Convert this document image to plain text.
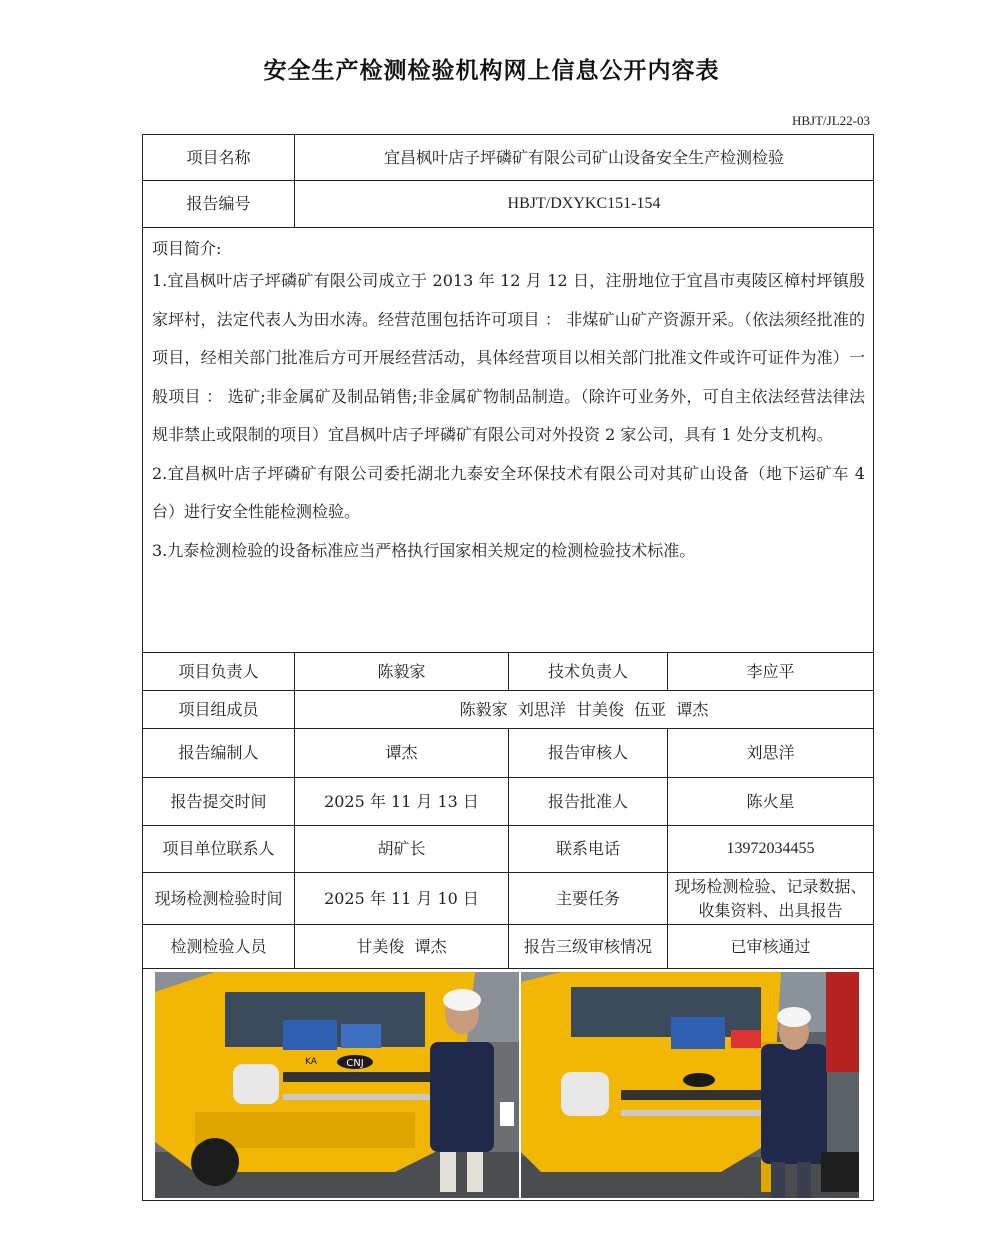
安全生产检测检验机构网上信息公开内容表
HBJT/JL22-03
项目名称	宜昌枫叶店子坪磷矿有限公司矿山设备安全生产检测检验		
报告编号	HBJT/DXYKC151-154		

项目简介:

1.宜昌枫叶店子坪磷矿有限公司成立于 2013 年 12 月 12 日，注册地位于宜昌市夷陵区樟村坪镇殷家坪村，法定代表人为田水涛。经营范围包括许可项目 ： 非煤矿山矿产资源开采。（依法须经批准的项目，经相关部门批准后方可开展经营活动，具体经营项目以相关部门批准文件或许可证件为准）一般项目 ： 选矿;非金属矿及制品销售;非金属矿物制品制造。（除许可业务外，可自主依法经营法律法规非禁止或限制的项目）宜昌枫叶店子坪磷矿有限公司对外投资 2 家公司，具有 1 处分支机构。

2.宜昌枫叶店子坪磷矿有限公司委托湖北九泰安全环保技术有限公司对其矿山设备（地下运矿车 4 台）进行安全性能检测检验。

3.九泰检测检验的设备标准应当严格执行国家相关规定的检测检验技术标准。			

项目负责人	陈毅家	技术负责人	李应平
项目组成员	陈毅家  刘思洋  甘美俊  伍亚  谭杰		
报告编制人	谭杰	报告审核人	刘思洋
报告提交时间	2025 年 11 月 13 日	报告批准人	陈火星
项目单位联系人	胡矿长	联系电话	13972034455
现场检测检验时间	2025 年 11 月 10 日	主要任务	现场检测检验、记录数据、收集资料、出具报告
检测检验人员	甘美俊  谭杰	报告三级审核情况	已审核通过

CNJ
KA			
